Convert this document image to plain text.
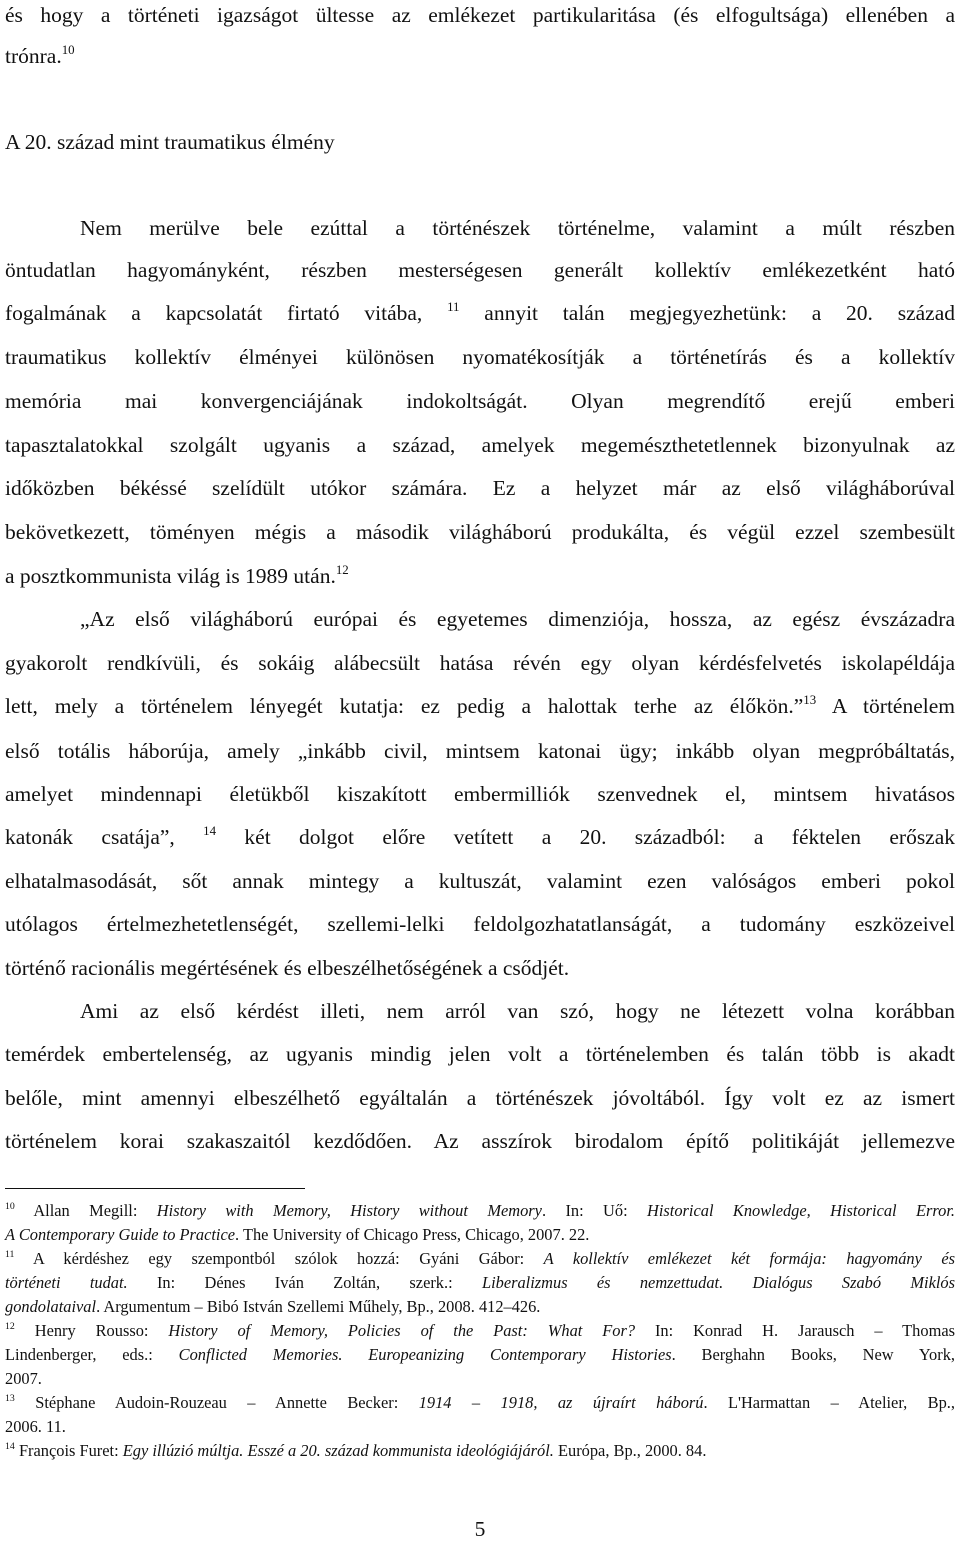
és hogy a történeti igazságot ültesse az emlékezet partikularitása (és elfogultsága) ellenében a
trónra.$^{10}$
A 20. század mint traumatikus élmény
Nem merülve bele ezúttal a történészek történelme, valamint a múlt részben
öntudatlan hagyományként, részben mesterségesen generált kollektív emlékezetként ható
fogalmának a kapcsolatát firtató vitába, $^{11}$ annyit talán megjegyezhetünk: a 20. század
traumatikus kollektív élményei különösen nyomatékosítják a történetírás és a kollektív
memória mai konvergenciájának indokoltságát. Olyan megrendítő erejű emberi
tapasztalatokkal szolgált ugyanis a század, amelyek megemészthetetlennek bizonyulnak az
időközben békéssé szelídült utókor számára. Ez a helyzet már az első világháborúval
bekövetkezett, töményen mégis a második világháború produkálta, és végül ezzel szembesült
a posztkommunista világ is 1989 után.$^{12}$
„Az első világháború európai és egyetemes dimenziója, hossza, az egész évszázadra
gyakorolt rendkívüli, és sokáig alábecsült hatása révén egy olyan kérdésfelvetés iskolapéldája
lett, mely a történelem lényegét kutatja: ez pedig a halottak terhe az élőkön.”$^{13}$ A történelem
első totális háborúja, amely „inkább civil, mintsem katonai ügy; inkább olyan megpróbáltatás,
amelyet mindennapi életükből kiszakított embermilliók szenvednek el, mintsem hivatásos
katonák csatája”, $^{14}$ két dolgot előre vetített a 20. századból: a féktelen erőszak
elhatalmasodását, sőt annak mintegy a kultuszát, valamint ezen valóságos emberi pokol
utólagos értelmezhetetlenségét, szellemi-lelki feldolgozhatatlanságát, a tudomány eszközeivel
történő racionális megértésének és elbeszélhetőségének a csődjét.
Ami az első kérdést illeti, nem arról van szó, hogy ne létezett volna korábban
temérdek embertelenség, az ugyanis mindig jelen volt a történelemben és talán több is akadt
belőle, mint amennyi elbeszélhető egyáltalán a történészek jóvoltából. Így volt ez az ismert
történelem korai szakaszaitól kezdődően. Az asszírok birodalom építő politikáját jellemezve
$^{10}$ Allan Megill: History with Memory, History without Memory. In: Uő: Historical Knowledge, Historical Error.
A Contemporary Guide to Practice. The University of Chicago Press, Chicago, 2007. 22.
$^{11}$ A kérdéshez egy szempontból szólok hozzá: Gyáni Gábor: A kollektív emlékezet két formája: hagyomány és
történeti tudat. In: Dénes Iván Zoltán, szerk.: Liberalizmus és nemzettudat. Dialógus Szabó Miklós
gondolataival. Argumentum – Bibó István Szellemi Műhely, Bp., 2008. 412–426.
$^{12}$ Henry Rousso: History of Memory, Policies of the Past: What For? In: Konrad H. Jarausch – Thomas
Lindenberger, eds.: Conflicted Memories. Europeanizing Contemporary Histories. Berghahn Books, New York,
2007.
$^{13}$ Stéphane Audoin-Rouzeau – Annette Becker: 1914 – 1918, az újraírt háború. L'Harmattan – Atelier, Bp.,
2006. 11.
$^{14}$ François Furet: Egy illúzió múltja. Esszé a 20. század kommunista ideológiájáról. Európa, Bp., 2000. 84.
5
